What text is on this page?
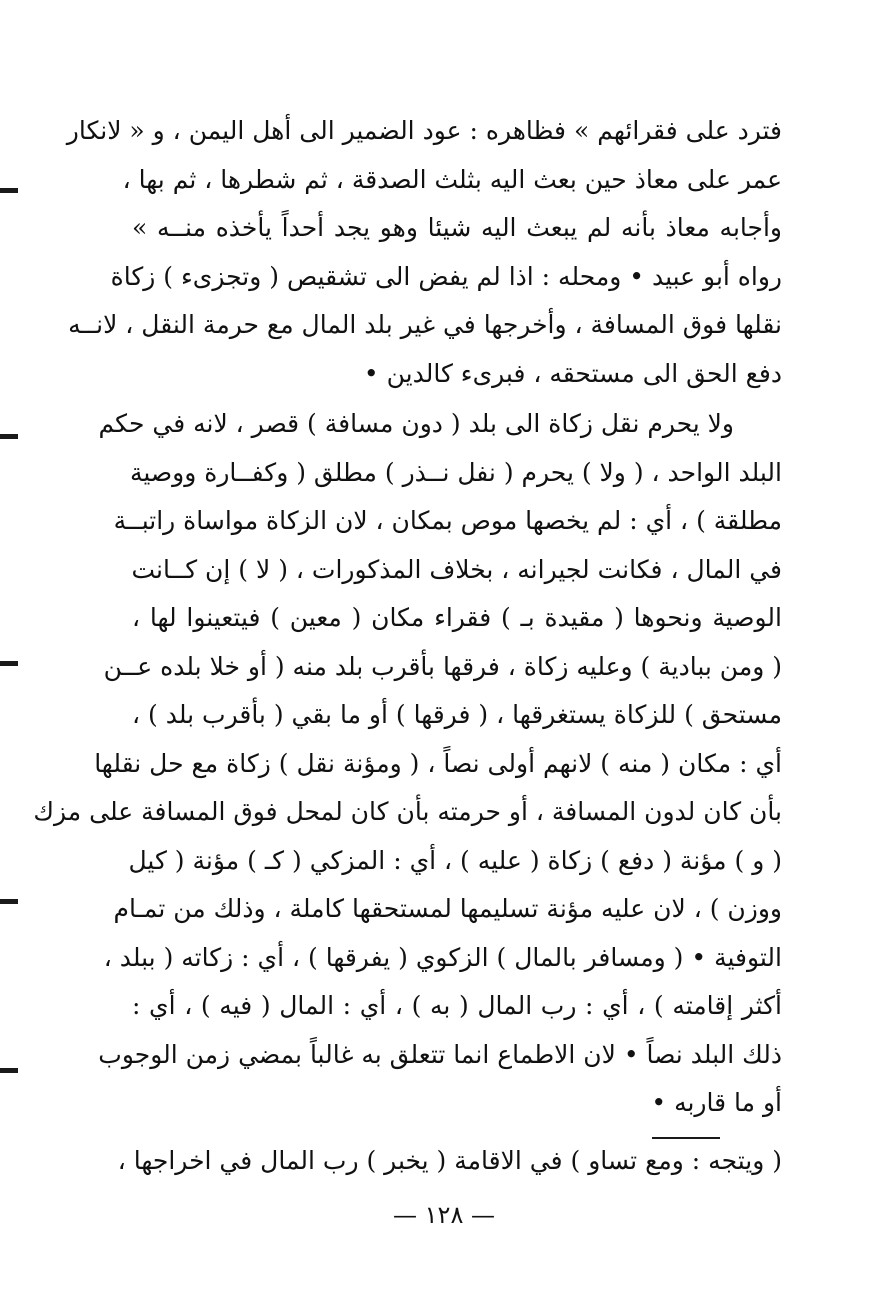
فترد على فقرائهم » فظاهره : عود الضمير الى أهل اليمن ، و « لانكار
عمر على معاذ حين بعث اليه بثلث الصدقة ، ثم شطرها ، ثم بها ،
وأجابه معاذ بأنه لم يبعث اليه شيئا وهو يجد أحداً يأخذه منــه »
رواه أبو عبيد • ومحله : اذا لم يفض الى تشقيص ( وتجزىء ) زكاة
نقلها فوق المسافة ، وأخرجها في غير بلد المال مع حرمة النقل ، لانــه
دفع الحق الى مستحقه ، فبرىء كالدين •
ولا يحرم نقل زكاة الى بلد ( دون مسافة ) قصر ، لانه في حكم
البلد الواحد ، ( ولا ) يحرم ( نفل نــذر ) مطلق ( وكفــارة ووصية
مطلقة ) ، أي : لم يخصها موص بمكان ، لان الزكاة مواساة راتبــة
في المال ، فكانت لجيرانه ، بخلاف المذكورات ، ( لا ) إن كــانت
الوصية ونحوها ( مقيدة بـ ) فقراء مكان ( معين ) فيتعينوا لها ،
( ومن ببادية ) وعليه زكاة ، فرقها بأقرب بلد منه ( أو خلا بلده عــن
مستحق ) للزكاة يستغرقها ، ( فرقها ) أو ما بقي ( بأقرب بلد ) ،
أي : مكان ( منه ) لانهم أولى نصاً ، ( ومؤنة نقل ) زكاة مع حل نقلها
بأن كان لدون المسافة ، أو حرمته بأن كان لمحل فوق المسافة على مزك
( و ) مؤنة ( دفع ) زكاة ( عليه ) ، أي : المزكي ( كـ ) مؤنة ( كيل
ووزن ) ، لان عليه مؤنة تسليمها لمستحقها كاملة ، وذلك من تمـام
التوفية • ( ومسافر بالمال ) الزكوي ( يفرقها ) ، أي : زكاته ( ببلد ،
أكثر إقامته ) ، أي : رب المال ( به ) ، أي : المال ( فيه ) ، أي :
ذلك البلد نصاً • لان الاطماع انما تتعلق به غالباً بمضي زمن الوجوب
أو ما قاربه •
( ويتجه : ومع تساو ) في الاقامة ( يخبر ) رب المال في اخراجها ،
— ١٢٨ —
